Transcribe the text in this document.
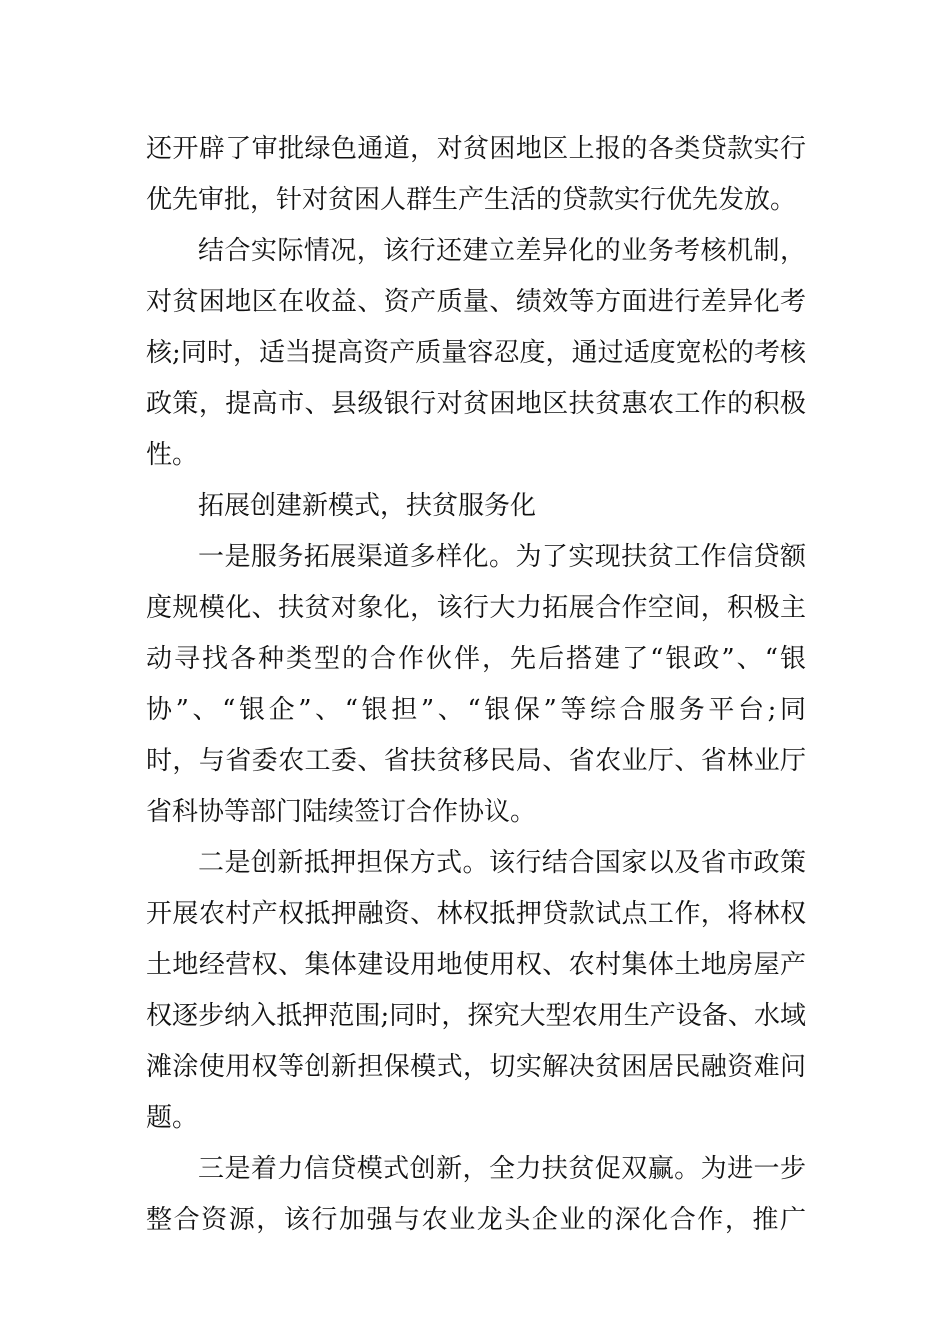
还开辟了审批绿色通道，对贫困地区上报的各类贷款实行
优先审批，针对贫困人群生产生活的贷款实行优先发放。
结合实际情况，该行还建立差异化的业务考核机制，
对贫困地区在收益、资产质量、绩效等方面进行差异化考
核;同时，适当提高资产质量容忍度，通过适度宽松的考核
政策，提高市、县级银行对贫困地区扶贫惠农工作的积极
性。
拓展创建新模式，扶贫服务化
一是服务拓展渠道多样化。为了实现扶贫工作信贷额
度规模化、扶贫对象化，该行大力拓展合作空间，积极主
动寻找各种类型的合作伙伴，先后搭建了“银政”、“银
协”、“银企”、“银担”、“银保”等综合服务平台;同
时，与省委农工委、省扶贫移民局、省农业厅、省林业厅
省科协等部门陆续签订合作协议。
二是创新抵押担保方式。该行结合国家以及省市政策
开展农村产权抵押融资、林权抵押贷款试点工作，将林权
土地经营权、集体建设用地使用权、农村集体土地房屋产
权逐步纳入抵押范围;同时，探究大型农用生产设备、水域
滩涂使用权等创新担保模式，切实解决贫困居民融资难问
题。
三是着力信贷模式创新，全力扶贫促双赢。为进一步
整合资源，该行加强与农业龙头企业的深化合作，推广
